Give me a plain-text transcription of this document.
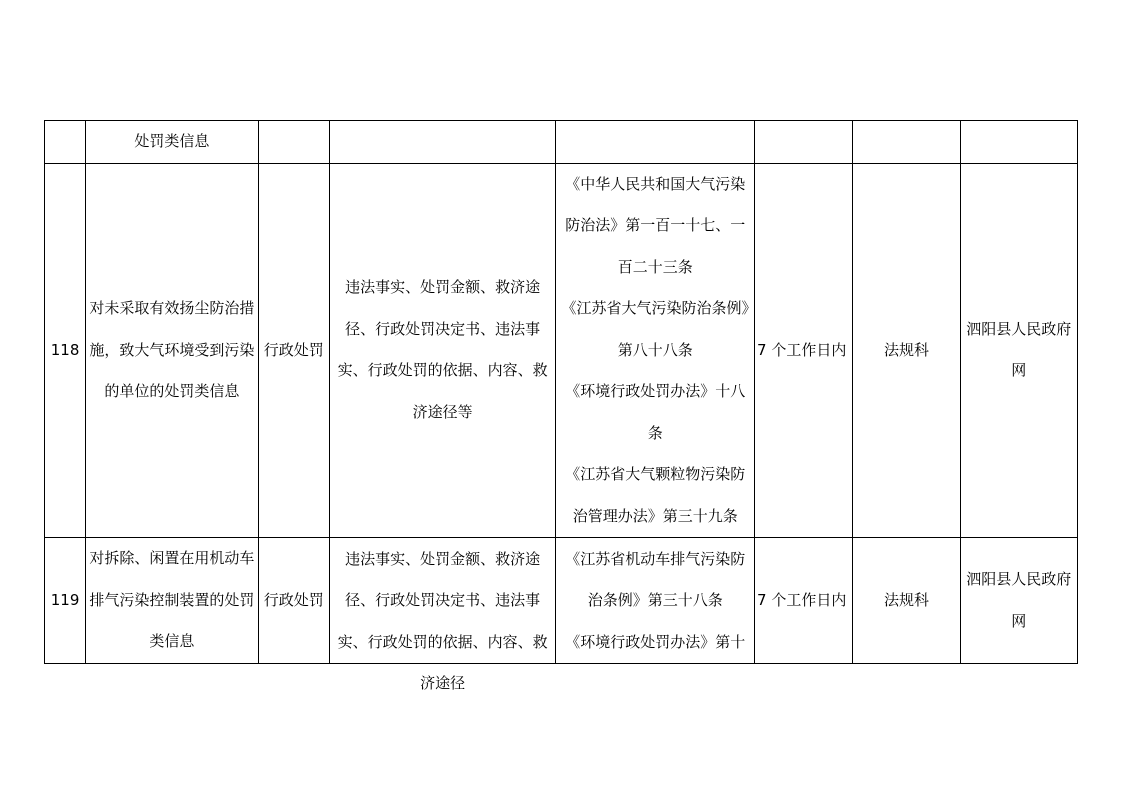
	处罚类信息						
118	对未采取有效扬尘防治措施，致大气环境受到污染的单位的处罚类信息	行政处罚	违法事实、处罚金额、救济途径、行政处罚决定书、违法事实、行政处罚的依据、内容、救济途径等	《中华人民共和国大气污染防治法》第一百一十七、一百二十三条

《江苏省大气污染防治条例》第八十八条

《环境行政处罚办法》十八条

《江苏省大气颗粒物污染防治管理办法》第三十九条	7 个工作日内	法规科	泗阳县人民政府网
119	对拆除、闲置在用机动车排气污染控制装置的处罚类信息	行政处罚	违法事实、处罚金额、救济途径、行政处罚决定书、违法事实、行政处罚的依据、内容、救济途径	《江苏省机动车排气污染防治条例》第三十八条

《环境行政处罚办法》第十	7 个工作日内	法规科	泗阳县人民政府网
